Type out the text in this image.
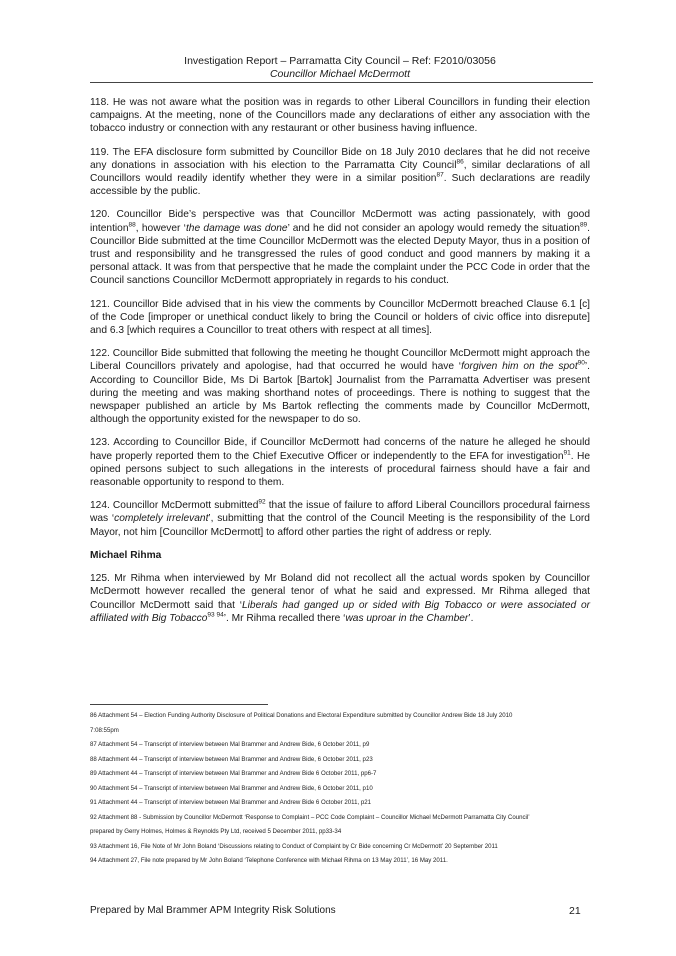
Investigation Report – Parramatta City Council – Ref: F2010/03056
Councillor Michael McDermott

118. He was not aware what the position was in regards to other Liberal Councillors in funding their election campaigns. At the meeting, none of the Councillors made any declarations of either any association with the tobacco industry or connection with any restaurant or other business having influence.

119. The EFA disclosure form submitted by Councillor Bide on 18 July 2010 declares that he did not receive any donations in association with his election to the Parramatta City Council$^{86}$, similar declarations of all Councillors would readily identify whether they were in a similar position$^{87}$. Such declarations are readily accessible by the public.

120. Councillor Bide’s perspective was that Councillor McDermott was acting passionately, with good intention$^{88}$, however ‘the damage was done’ and he did not consider an apology would remedy the situation$^{89}$. Councillor Bide submitted at the time Councillor McDermott was the elected Deputy Mayor, thus in a position of trust and responsibility and he transgressed the rules of good conduct and good manners by making it a personal attack. It was from that perspective that he made the complaint under the PCC Code in order that the Council sanctions Councillor McDermott appropriately in regards to his conduct.

121. Councillor Bide advised that in his view the comments by Councillor McDermott breached Clause 6.1 [c] of the Code [improper or unethical conduct likely to bring the Council or holders of civic office into disrepute] and 6.3 [which requires a Councillor to treat others with respect at all times].

122. Councillor Bide submitted that following the meeting he thought Councillor McDermott might approach the Liberal Councillors privately and apologise, had that occurred he would have ‘forgiven him on the spot$^{90}$’. According to Councillor Bide, Ms Di Bartok [Bartok] Journalist from the Parramatta Advertiser was present during the meeting and was making shorthand notes of proceedings. There is nothing to suggest that the newspaper published an article by Ms Bartok reflecting the comments made by Councillor McDermott, although the opportunity existed for the newspaper to do so.

123. According to Councillor Bide, if Councillor McDermott had concerns of the nature he alleged he should have properly reported them to the Chief Executive Officer or independently to the EFA for investigation$^{91}$. He opined persons subject to such allegations in the interests of procedural fairness should have a fair and reasonable opportunity to respond to them.

124. Councillor McDermott submitted$^{92}$ that the issue of failure to afford Liberal Councillors procedural fairness was ‘completely irrelevant’, submitting that the control of the Council Meeting is the responsibility of the Lord Mayor, not him [Councillor McDermott] to afford other parties the right of address or reply.

Michael Rihma

125. Mr Rihma when interviewed by Mr Boland did not recollect all the actual words spoken by Councillor McDermott however recalled the general tenor of what he said and expressed. Mr Rihma alleged that Councillor McDermott said that ‘Liberals had ganged up or sided with Big Tobacco or were associated or affiliated with Big Tobacco$^{93 94}$’. Mr Rihma recalled there ‘was uproar in the Chamber’.

86 Attachment 54 – Election Funding Authority Disclosure of Political Donations and Electoral Expenditure submitted by Councillor Andrew Bide 18 July 2010
7:08:55pm
87 Attachment 54 – Transcript of interview between Mal Brammer and Andrew Bide, 6 October 2011, p9
88 Attachment 44 – Transcript of interview between Mal Brammer and Andrew Bide, 6 October 2011, p23
89 Attachment 44 – Transcript of interview between Mal Brammer and Andrew Bide 6 October 2011, pp6-7
90 Attachment 54 – Transcript of interview between Mal Brammer and Andrew Bide, 6 October 2011, p10
91 Attachment 44 – Transcript of interview between Mal Brammer and Andrew Bide 6 October 2011, p21
92 Attachment 88 - Submission by Councillor McDermott ‘Response to Complaint – PCC Code Complaint – Councillor Michael McDermott Parramatta City Council’
prepared by Gerry Holmes, Holmes & Reynolds Pty Ltd, received 5 December 2011, pp33-34
93 Attachment 16, File Note of Mr John Boland ‘Discussions relating to Conduct of Complaint by Cr Bide concerning Cr McDermott’ 20 September 2011
94 Attachment 27, File note prepared by Mr John Boland ‘Telephone Conference with Michael Rihma on 13 May 2011’, 16 May 2011.
Prepared by Mal Brammer APM Integrity Risk Solutions	21
